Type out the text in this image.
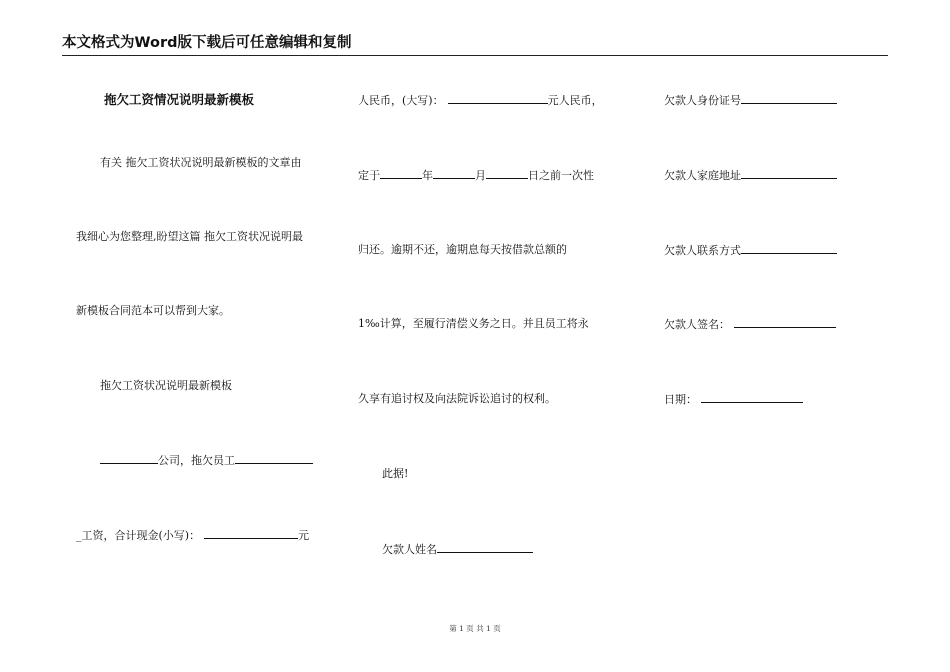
本文格式为Word版下载后可任意编辑和复制
拖欠工资情况说明最新模板
有关 拖欠工资状况说明最新模板的文章由
我细心为您整理,盼望这篇 拖欠工资状况说明最
新模板合同范本可以帮到大家。
拖欠工资状况说明最新模板
公司，拖欠员工
_工资，合计现金(小写)：	元
人民币，(大写)：	元人民币，
定于	年	月	日之前一次性
归还。逾期不还，逾期息每天按借款总额的
1‰计算，至履行清偿义务之日。并且员工将永
久享有追讨权及向法院诉讼追讨的权利。
此据!
欠款人姓名
欠款人身份证号
欠款人家庭地址
欠款人联系方式
欠款人签名：
日期：
第 1 页 共 1 页
